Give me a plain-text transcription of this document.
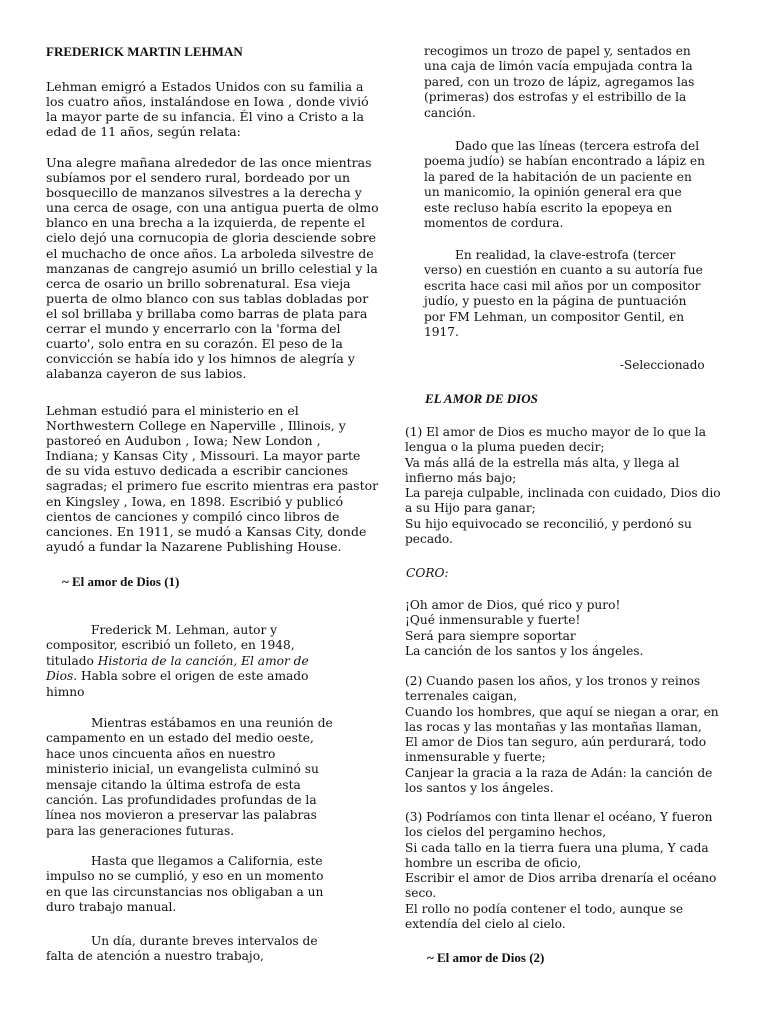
FREDERICK MARTIN LEHMAN
Lehman emigró a Estados Unidos con su familia a
los cuatro años, instalándose en Iowa , donde vivió
la mayor parte de su infancia. Él vino a Cristo a la
edad de 11 años, según relata:
Una alegre mañana alrededor de las once mientras
subíamos por el sendero rural, bordeado por un
bosquecillo de manzanos silvestres a la derecha y
una cerca de osage, con una antigua puerta de olmo
blanco en una brecha a la izquierda, de repente el
cielo dejó una cornucopia de gloria desciende sobre
el muchacho de once años. La arboleda silvestre de
manzanas de cangrejo asumió un brillo celestial y la
cerca de osario un brillo sobrenatural. Esa vieja
puerta de olmo blanco con sus tablas dobladas por
el sol brillaba y brillaba como barras de plata para
cerrar el mundo y encerrarlo con la 'forma del
cuarto', solo entra en su corazón. El peso de la
convicción se había ido y los himnos de alegría y
alabanza cayeron de sus labios.
Lehman estudió para el ministerio en el
Northwestern College en Naperville , Illinois, y
pastoreó en Audubon , Iowa; New London ,
Indiana; y Kansas City , Missouri. La mayor parte
de su vida estuvo dedicada a escribir canciones
sagradas; el primero fue escrito mientras era pastor
en Kingsley , Iowa, en 1898. Escribió y publicó
cientos de canciones y compiló cinco libros de
canciones. En 1911, se mudó a Kansas City, donde
ayudó a fundar la Nazarene Publishing House.
~ El amor de Dios (1)
Frederick M. Lehman, autor y
compositor, escribió un folleto, en 1948,
titulado Historia de la canción, El amor de
Dios. Habla sobre el origen de este amado
himno
Mientras estábamos en una reunión de
campamento en un estado del medio oeste,
hace unos cincuenta años en nuestro
ministerio inicial, un evangelista culminó su
mensaje citando la última estrofa de esta
canción. Las profundidades profundas de la
línea nos movieron a preservar las palabras
para las generaciones futuras.
Hasta que llegamos a California, este
impulso no se cumplió, y eso en un momento
en que las circunstancias nos obligaban a un
duro trabajo manual.
Un día, durante breves intervalos de
falta de atención a nuestro trabajo,
recogimos un trozo de papel y, sentados en
una caja de limón vacía empujada contra la
pared, con un trozo de lápiz, agregamos las
(primeras) dos estrofas y el estribillo de la
canción.
Dado que las líneas (tercera estrofa del
poema judío) se habían encontrado a lápiz en
la pared de la habitación de un paciente en
un manicomio, la opinión general era que
este recluso había escrito la epopeya en
momentos de cordura.
En realidad, la clave-estrofa (tercer
verso) en cuestión en cuanto a su autoría fue
escrita hace casi mil años por un compositor
judío, y puesto en la página de puntuación
por FM Lehman, un compositor Gentil, en
1917.
-Seleccionado
EL AMOR DE DIOS
(1) El amor de Dios es mucho mayor de lo que la
lengua o la pluma pueden decir;
Va más allá de la estrella más alta, y llega al
infierno más bajo;
La pareja culpable, inclinada con cuidado, Dios dio
a su Hijo para ganar;
Su hijo equivocado se reconcilió, y perdonó su
pecado.
CORO:
¡Oh amor de Dios, qué rico y puro!
¡Qué inmensurable y fuerte!
Será para siempre soportar
La canción de los santos y los ángeles.
(2) Cuando pasen los años, y los tronos y reinos
terrenales caigan,
Cuando los hombres, que aquí se niegan a orar, en
las rocas y las montañas y las montañas llaman,
El amor de Dios tan seguro, aún perdurará, todo
inmensurable y fuerte;
Canjear la gracia a la raza de Adán: la canción de
los santos y los ángeles.
(3) Podríamos con tinta llenar el océano, Y fueron
los cielos del pergamino hechos,
Si cada tallo en la tierra fuera una pluma, Y cada
hombre un escriba de oficio,
Escribir el amor de Dios arriba drenaría el océano
seco.
El rollo no podía contener el todo, aunque se
extendía del cielo al cielo.
~ El amor de Dios (2)
